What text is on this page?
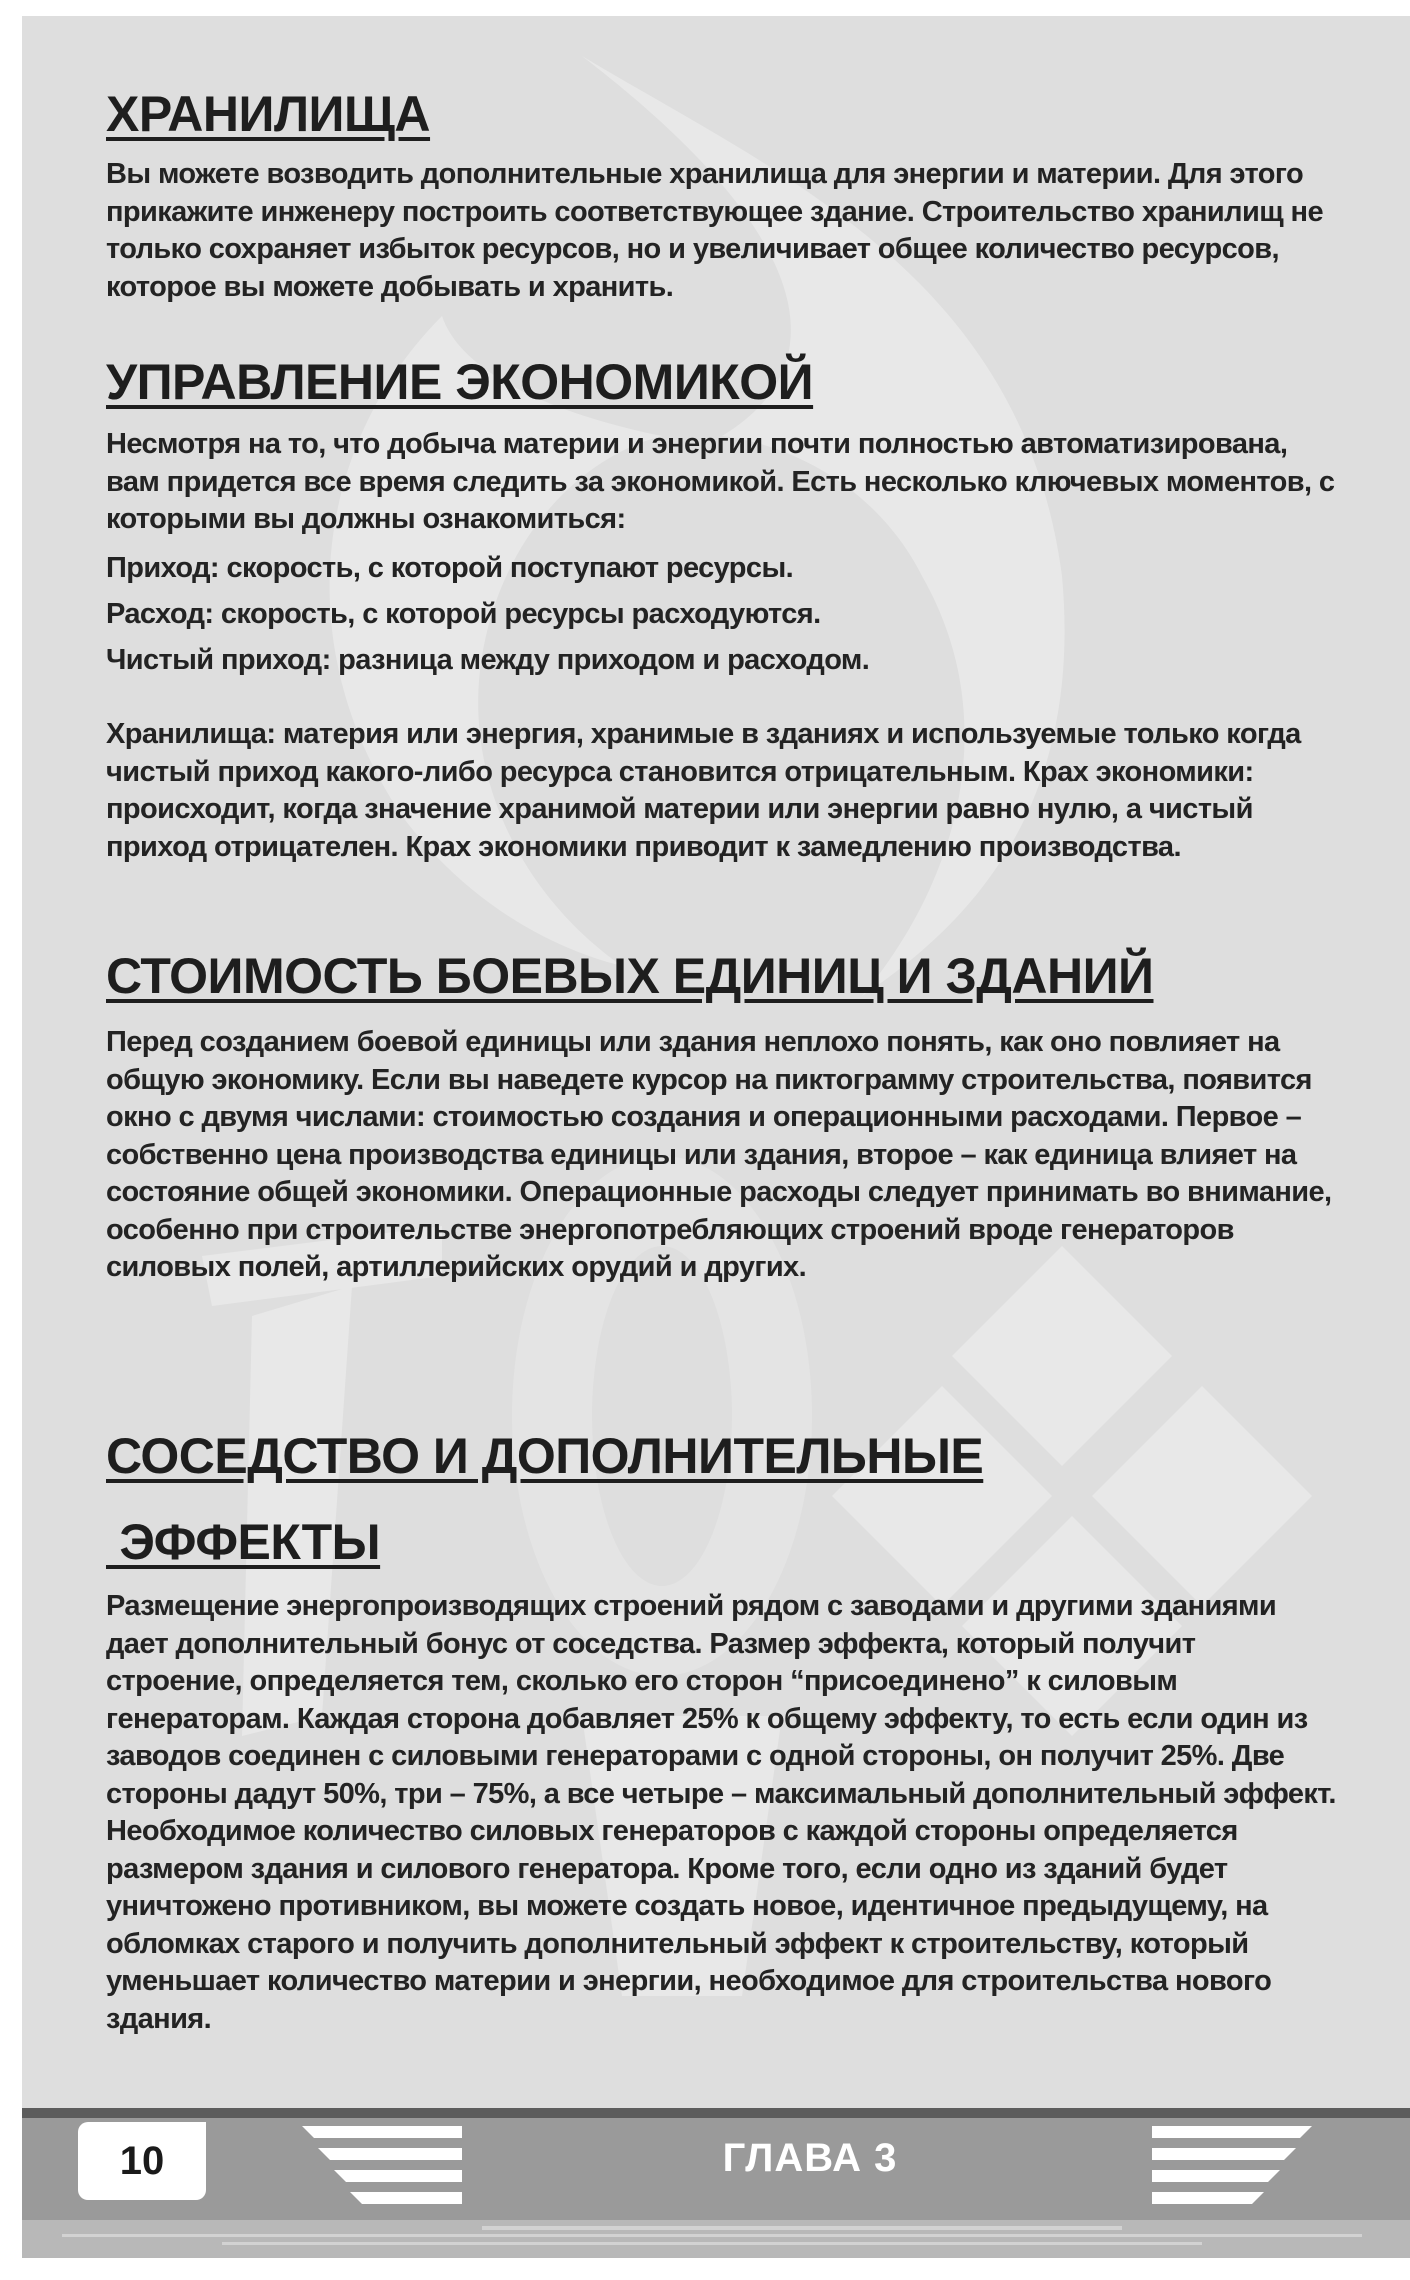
ХРАНИЛИЩА

Вы можете возводить дополнительные хранилища для энергии и материи. Для этого прикажите инженеру построить соответствующее здание. Строительство хранилищ не только сохраняет избыток ресурсов, но и увеличивает общее количество ресурсов, которое вы можете добывать и хранить.

УПРАВЛЕНИЕ ЭКОНОМИКОЙ

Несмотря на то, что добыча материи и энергии почти полностью автоматизирована, вам придется все время следить за экономикой. Есть несколько ключевых моментов, с которыми вы должны ознакомиться:

Приход: скорость, с которой поступают ресурсы.

Расход: скорость, с которой ресурсы расходуются.

Чистый приход: разница между приходом и расходом.

Хранилища: материя или энергия, хранимые в зданиях и используемые только когда чистый приход какого-либо ресурса становится отрицательным. Крах экономики: происходит, когда значение хранимой материи или энергии равно нулю, а чистый приход отрицателен. Крах экономики приводит к замедлению производства.

СТОИМОСТЬ БОЕВЫХ ЕДИНИЦ И ЗДАНИЙ

Перед созданием боевой единицы или здания неплохо понять, как оно повлияет на общую экономику. Если вы наведете курсор на пиктограмму строительства, появится окно с двумя числами: стоимостью создания и операционными расходами. Первое – собственно цена производства единицы или здания, второе – как единица влияет на состояние общей экономики. Операционные расходы следует принимать во внимание, особенно при строительстве энергопотребляющих строений вроде генераторов силовых полей, артиллерийских орудий и других.

СОСЕДСТВО И ДОПОЛНИТЕЛЬНЫЕ
ЭФФЕКТЫ

Размещение энергопроизводящих строений рядом с заводами и другими зданиями дает дополнительный бонус от соседства. Размер эффекта, который получит строение, определяется тем, сколько его сторон “присоединено” к силовым генераторам. Каждая сторона добавляет 25% к общему эффекту, то есть если один из заводов соединен с силовыми генераторами с одной стороны, он получит 25%. Две стороны дадут 50%, три – 75%, а все четыре – максимальный дополнительный эффект. Необходимое количество силовых генераторов с каждой стороны определяется размером здания и силового генератора. Кроме того, если одно из зданий будет уничтожено противником, вы можете создать новое, идентичное предыдущему, на обломках старого и получить дополнительный эффект к строительству, который уменьшает количество материи и энергии, необходимое для строительства нового здания.

10	ГЛАВА 3
